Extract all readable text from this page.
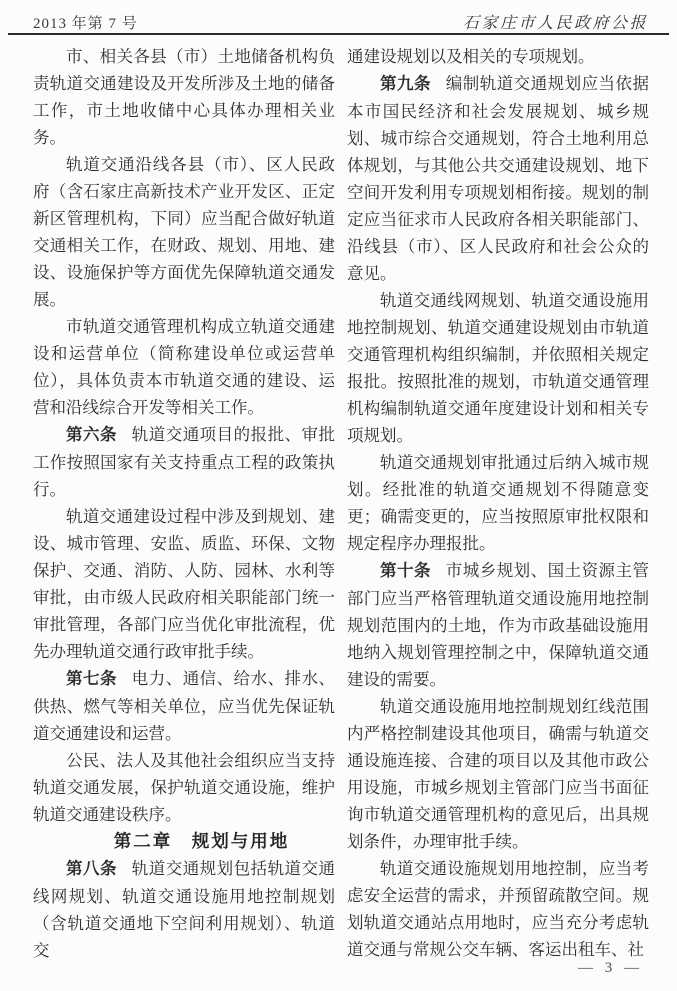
2013 年第 7 号	石家庄市人民政府公报

市、相关各县（市）土地储备机构负责轨道交通建设及开发所涉及土地的储备工作，市土地收储中心具体办理相关业务。

轨道交通沿线各县（市）、区人民政府（含石家庄高新技术产业开发区、正定新区管理机构，下同）应当配合做好轨道交通相关工作，在财政、规划、用地、建设、设施保护等方面优先保障轨道交通发展。

市轨道交通管理机构成立轨道交通建设和运营单位（简称建设单位或运营单位），具体负责本市轨道交通的建设、运营和沿线综合开发等相关工作。

第六条 轨道交通项目的报批、审批工作按照国家有关支持重点工程的政策执行。

轨道交通建设过程中涉及到规划、建设、城市管理、安监、质监、环保、文物保护、交通、消防、人防、园林、水利等审批，由市级人民政府相关职能部门统一审批管理，各部门应当优化审批流程，优先办理轨道交通行政审批手续。

第七条 电力、通信、给水、排水、供热、燃气等相关单位，应当优先保证轨道交通建设和运营。

公民、法人及其他社会组织应当支持轨道交通发展，保护轨道交通设施，维护轨道交通建设秩序。

第二章　规划与用地

第八条 轨道交通规划包括轨道交通线网规划、轨道交通设施用地控制规划（含轨道交通地下空间利用规划）、轨道交

通建设规划以及相关的专项规划。

第九条 编制轨道交通规划应当依据本市国民经济和社会发展规划、城乡规划、城市综合交通规划，符合土地利用总体规划，与其他公共交通建设规划、地下空间开发利用专项规划相衔接。规划的制定应当征求市人民政府各相关职能部门、沿线县（市）、区人民政府和社会公众的意见。

轨道交通线网规划、轨道交通设施用地控制规划、轨道交通建设规划由市轨道交通管理机构组织编制，并依照相关规定报批。按照批准的规划，市轨道交通管理机构编制轨道交通年度建设计划和相关专项规划。

轨道交通规划审批通过后纳入城市规划。经批准的轨道交通规划不得随意变更；确需变更的，应当按照原审批权限和规定程序办理报批。

第十条 市城乡规划、国土资源主管部门应当严格管理轨道交通设施用地控制规划范围内的土地，作为市政基础设施用地纳入规划管理控制之中，保障轨道交通建设的需要。

轨道交通设施用地控制规划红线范围内严格控制建设其他项目，确需与轨道交通设施连接、合建的项目以及其他市政公用设施，市城乡规划主管部门应当书面征询市轨道交通管理机构的意见后，出具规划条件，办理审批手续。

轨道交通设施规划用地控制，应当考虑安全运营的需求，并预留疏散空间。规划轨道交通站点用地时，应当充分考虑轨道交通与常规公交车辆、客运出租车、社

— 3 —
